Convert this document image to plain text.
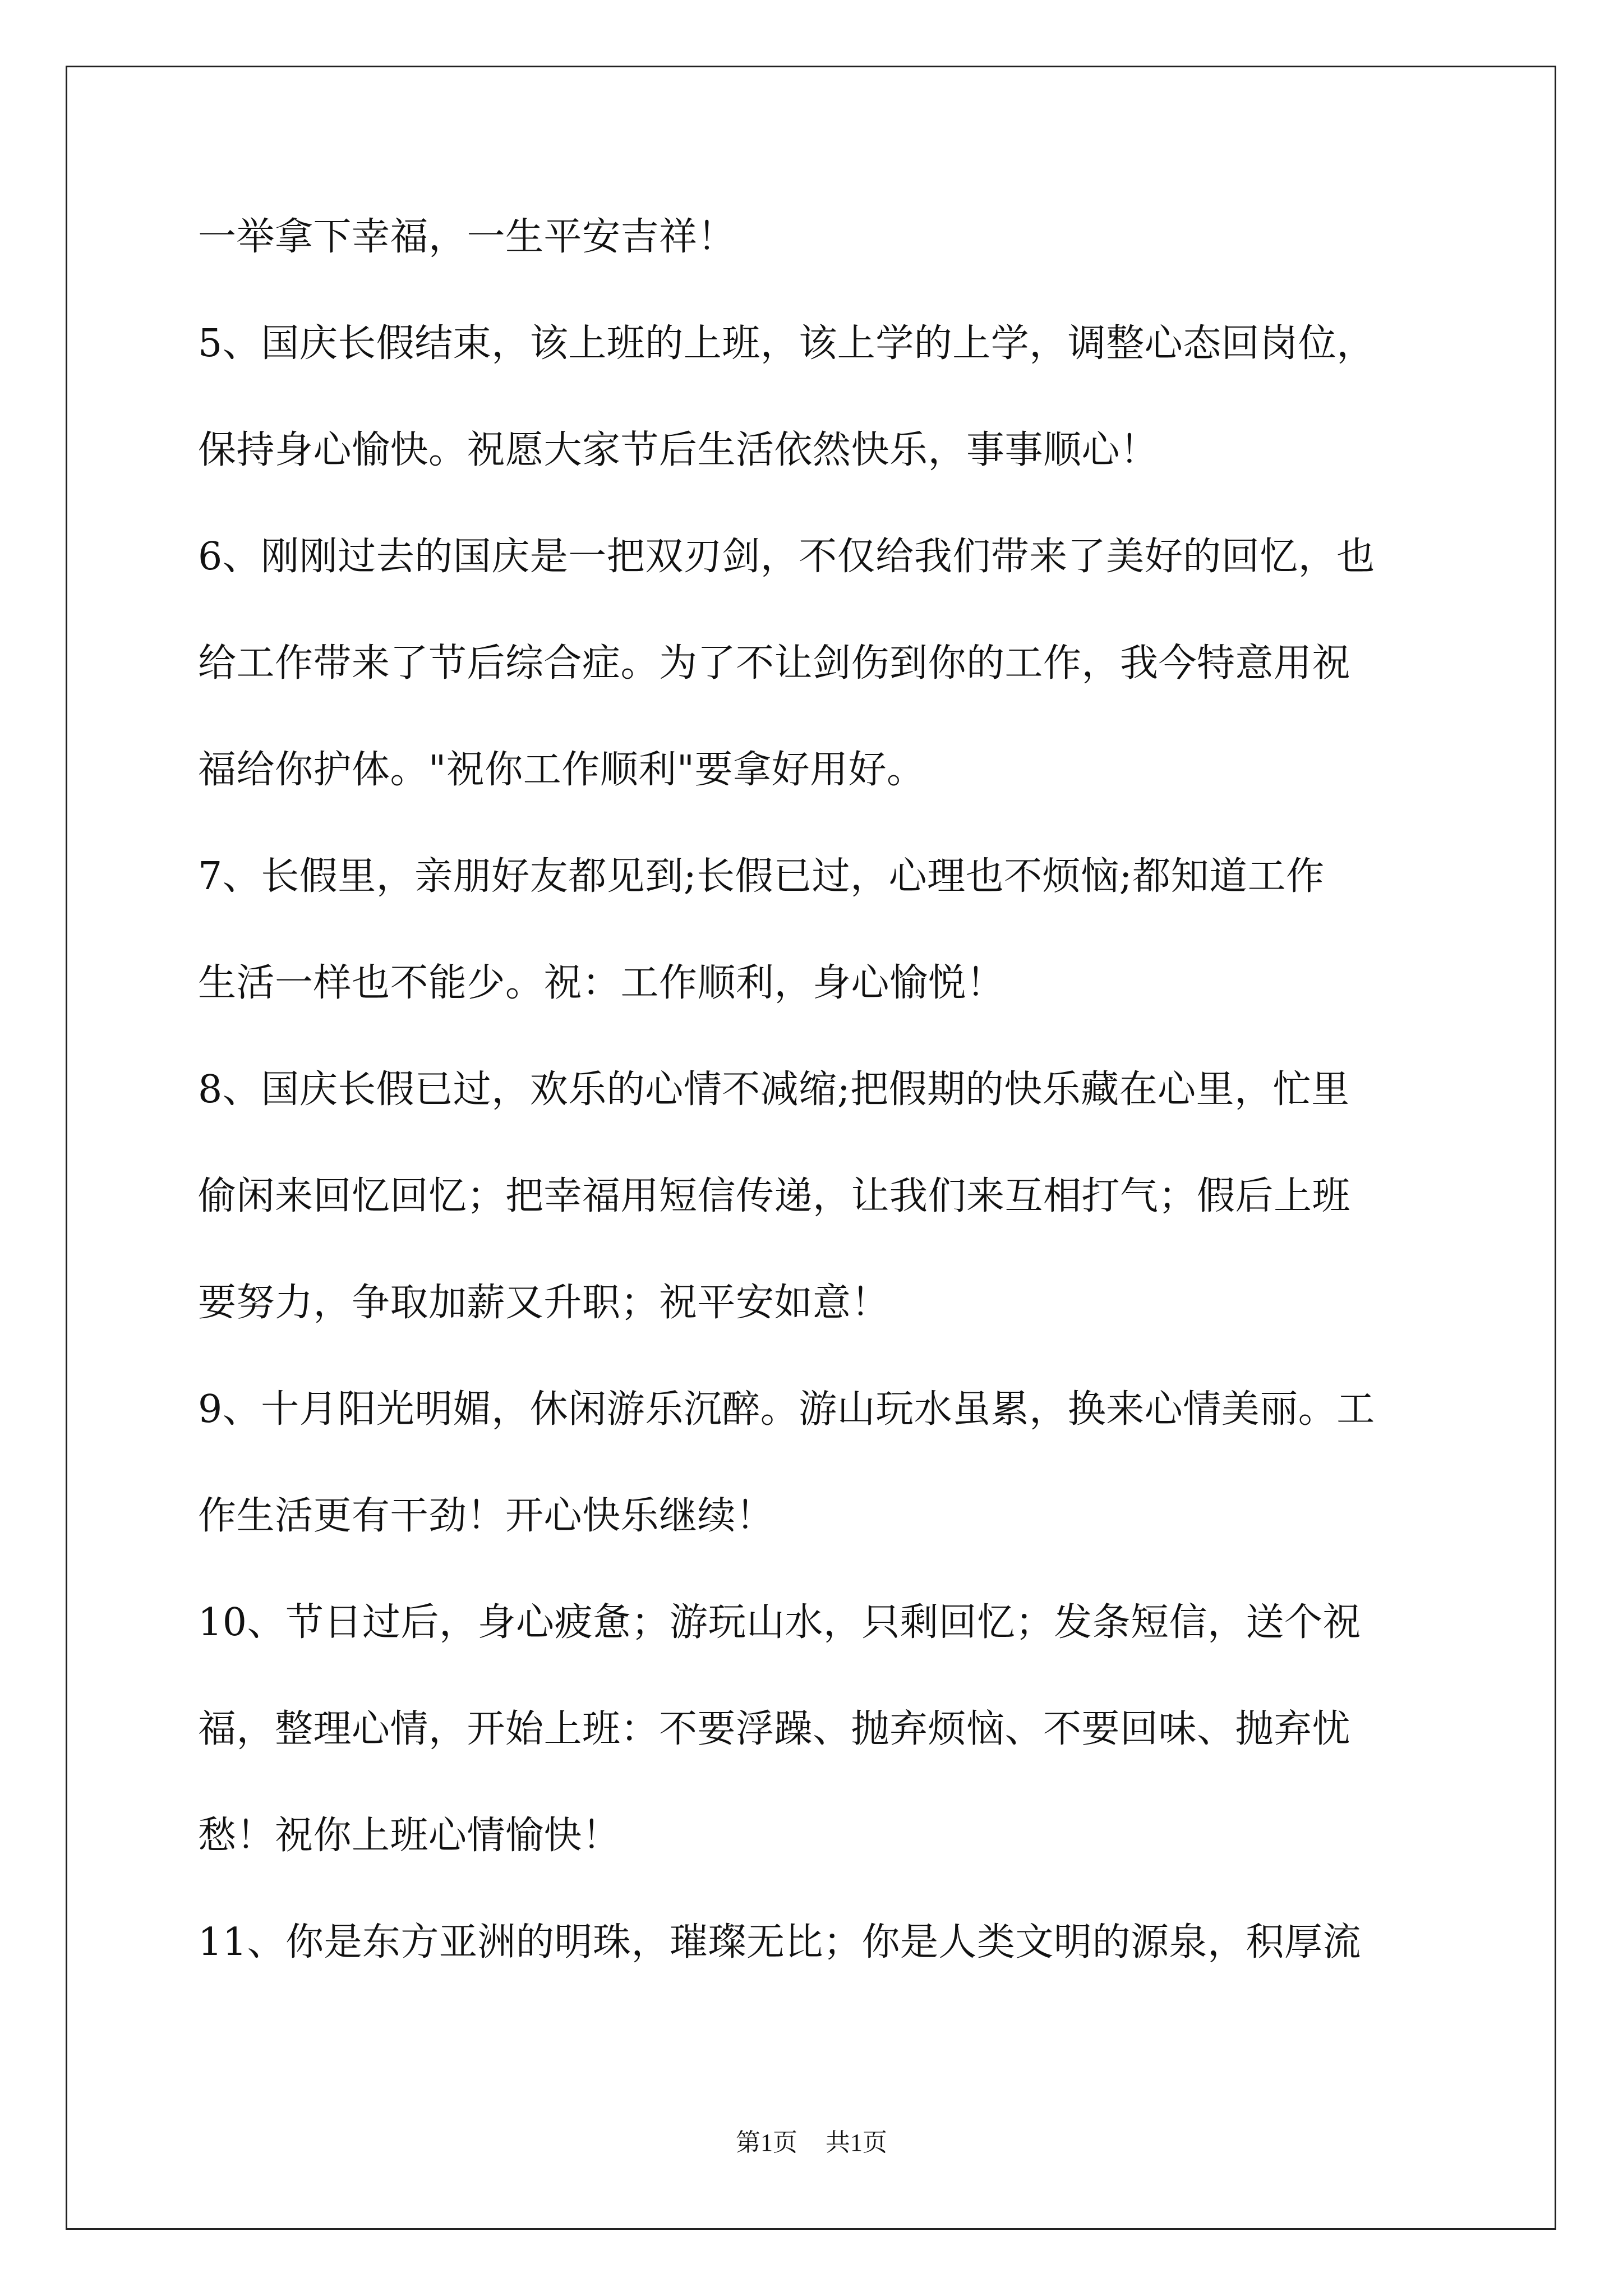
一举拿下幸福，一生平安吉祥！
5、国庆长假结束，该上班的上班，该上学的上学，调整心态回岗位，
保持身心愉快。祝愿大家节后生活依然快乐，事事顺心！
6、刚刚过去的国庆是一把双刃剑，不仅给我们带来了美好的回忆，也
给工作带来了节后综合症。为了不让剑伤到你的工作，我今特意用祝
福给你护体。"祝你工作顺利"要拿好用好。
7、长假里，亲朋好友都见到;长假已过，心理也不烦恼;都知道工作
生活一样也不能少。祝：工作顺利，身心愉悦！
8、国庆长假已过，欢乐的心情不减缩;把假期的快乐藏在心里，忙里
偷闲来回忆回忆；把幸福用短信传递，让我们来互相打气；假后上班
要努力，争取加薪又升职；祝平安如意！
9、十月阳光明媚，休闲游乐沉醉。游山玩水虽累，换来心情美丽。工
作生活更有干劲！开心快乐继续！
10、节日过后，身心疲惫；游玩山水，只剩回忆；发条短信，送个祝
福，整理心情，开始上班：不要浮躁、抛弃烦恼、不要回味、抛弃忧
愁！祝你上班心情愉快！
11、你是东方亚洲的明珠，璀璨无比；你是人类文明的源泉，积厚流
第1页 共1页
